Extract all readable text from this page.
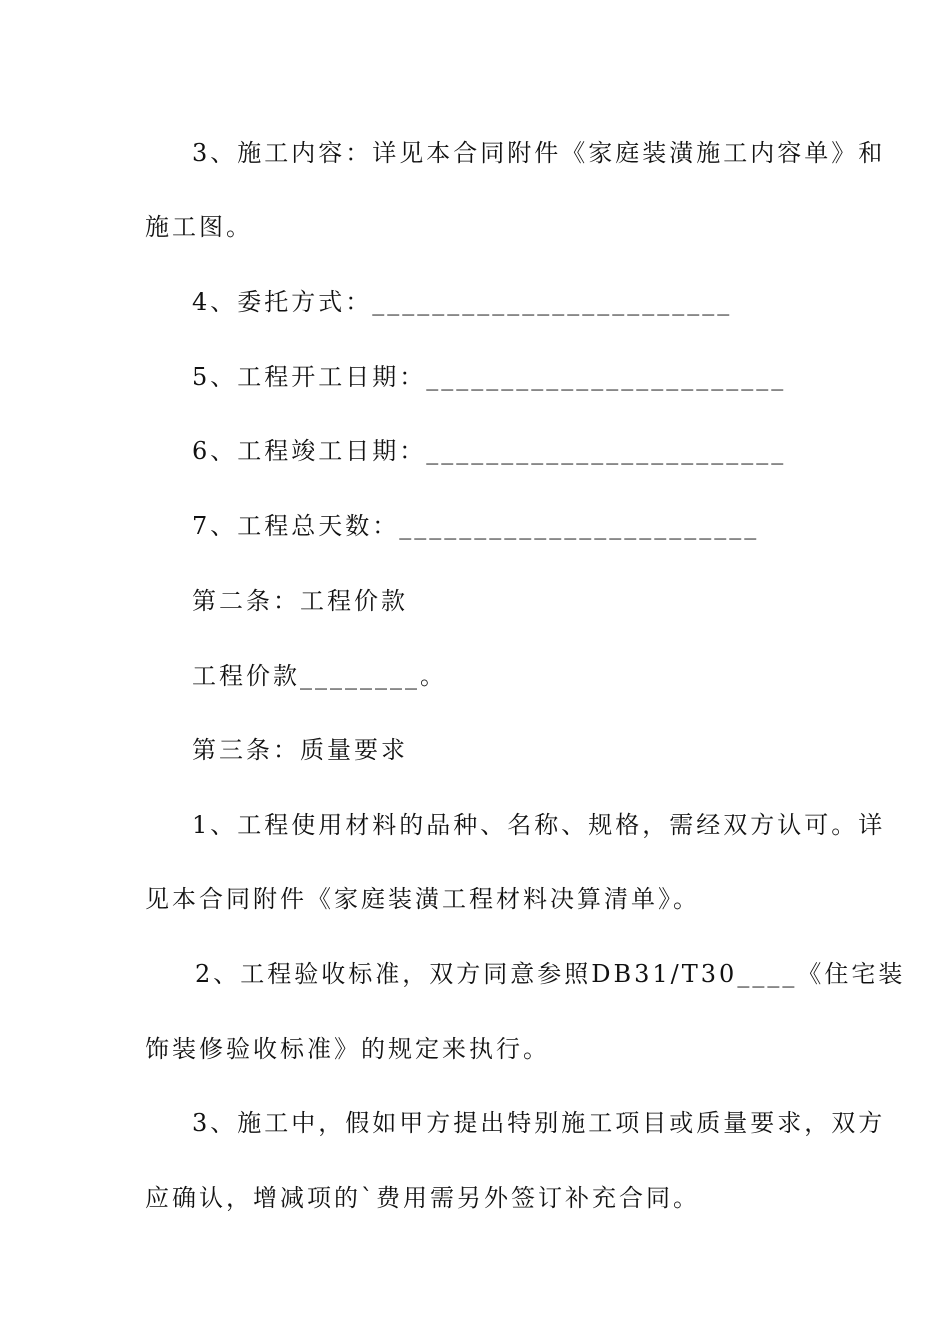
3、施工内容：详见本合同附件《家庭装潢施工内容单》和
施工图。
4、委托方式：________________________
5、工程开工日期：________________________
6、工程竣工日期：________________________
7、工程总天数：________________________
第二条：工程价款
工程价款________。
第三条：质量要求
1、工程使用材料的品种、名称、规格，需经双方认可。详
见本合同附件《家庭装潢工程材料决算清单》。
2、工程验收标准，双方同意参照DB31/T30____《住宅装
饰装修验收标准》的规定来执行。
3、施工中，假如甲方提出特别施工项目或质量要求，双方
应确认，增减项的`费用需另外签订补充合同。
